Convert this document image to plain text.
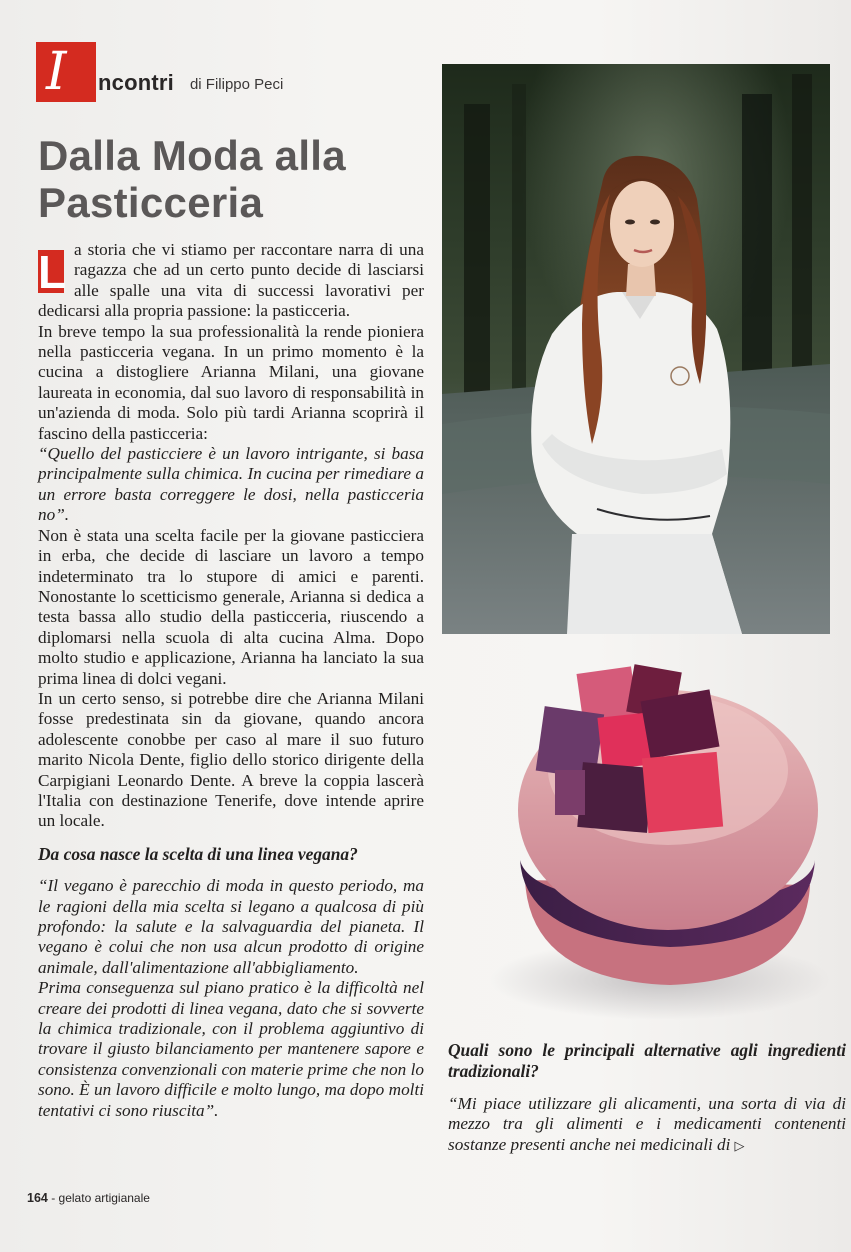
I ncontri di Filippo Peci
Dalla Moda alla Pasticceria
L a storia che vi stiamo per raccontare narra di una ragazza che ad un certo punto decide di lasciarsi alle spalle una vita di successi lavorativi per dedicarsi alla propria passione: la pasticceria.

In breve tempo la sua professionalità la rende pioniera nella pasticceria vegana. In un primo momento è la cucina a distogliere Arianna Milani, una giovane laureata in economia, dal suo lavoro di responsabilità in un'azienda di moda. Solo più tardi Arianna scoprirà il fascino della pasticceria:

“Quello del pasticciere è un lavoro intrigante, si basa principalmente sulla chimica. In cucina per rimediare a un errore basta correggere le dosi, nella pasticceria no”.

Non è stata una scelta facile per la giovane pasticciera in erba, che decide di lasciare un lavoro a tempo indeterminato tra lo stupore di amici e parenti. Nonostante lo scetticismo generale, Arianna si dedica a testa bassa allo studio della pasticceria, riuscendo a diplomarsi nella scuola di alta cucina Alma. Dopo molto studio e applicazione, Arianna ha lanciato la sua prima linea di dolci vegani.

In un certo senso, si potrebbe dire che Arianna Milani fosse predestinata sin da giovane, quando ancora adolescente conobbe per caso al mare il suo futuro marito Nicola Dente, figlio dello storico dirigente della Carpigiani Leonardo Dente. A breve la coppia lascerà l'Italia con destinazione Tenerife, dove intende aprire un locale.

Da cosa nasce la scelta di una linea vegana?

“Il vegano è parecchio di moda in questo periodo, ma le ragioni della mia scelta si legano a qualcosa di più profondo: la salute e la salvaguardia del pianeta. Il vegano è colui che non usa alcun prodotto di origine animale, dall'alimentazione all'abbigliamento.

Prima conseguenza sul piano pratico è la difficoltà nel creare dei prodotti di linea vegana, dato che si sovverte la chimica tradizionale, con il problema aggiuntivo di trovare il giusto bilanciamento per mantenere sapore e consistenza convenzionali con materie prime che non lo sono. È un lavoro difficile e molto lungo, ma dopo molti tentativi ci sono riuscita”.

Quali sono le principali alternative agli ingredienti tradizionali?

“Mi piace utilizzare gli alicamenti, una sorta di via di mezzo tra gli alimenti e i medicamenti contenenti sostanze presenti anche nei medicinali di ▷

164 - gelato artigianale
